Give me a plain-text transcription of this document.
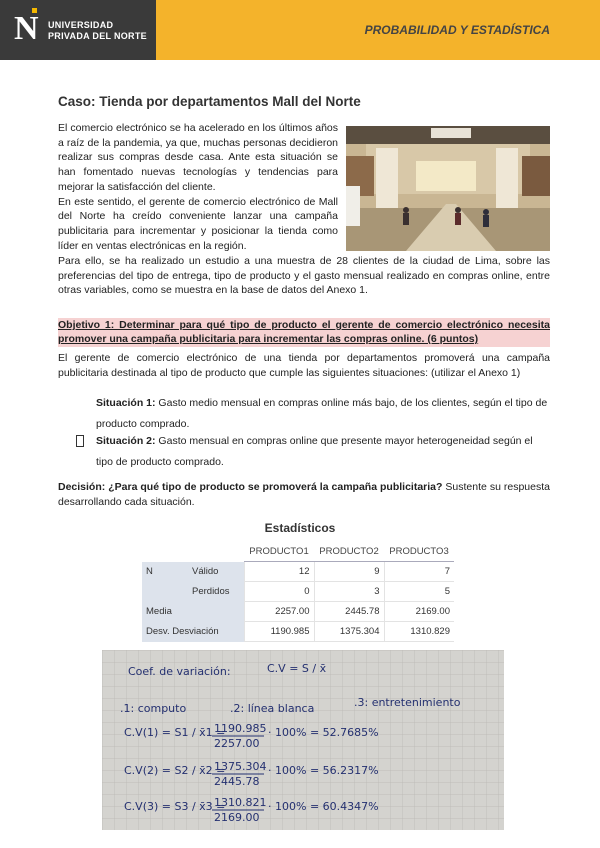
N UNIVERSIDAD
PRIVADA DEL NORTE	PROBABILIDAD Y ESTADÍSTICA
Caso: Tienda por departamentos Mall del Norte

El comercio electrónico se ha acelerado en los últimos años a raíz de la pandemia, ya que, muchas personas decidieron realizar sus compras desde casa. Ante esta situación se han fomentado nuevas tecnologías y tendencias para mejorar la satisfacción del cliente.

En este sentido, el gerente de comercio electrónico de Mall del Norte ha creído conveniente lanzar una campaña publicitaria para incrementar y posicionar la tienda como líder en ventas electrónicas en la región.

Para ello, se ha realizado un estudio a una muestra de 28 clientes de la ciudad de Lima, sobre las preferencias del tipo de entrega, tipo de producto y el gasto mensual realizado en compras online, entre otras variables, como se muestra en la base de datos del Anexo 1.

Objetivo 1: Determinar para qué tipo de producto el gerente de comercio electrónico necesita promover una campaña publicitaria para incrementar las compras online. (6 puntos)

El gerente de comercio electrónico de una tienda por departamentos promoverá una campaña publicitaria destinada al tipo de producto que cumple las siguientes situaciones: (utilizar el Anexo 1)

Situación 1: Gasto medio mensual en compras online más bajo, de los clientes, según el tipo de producto comprado.
Situación 2: Gasto mensual en compras online que presente mayor heterogeneidad según el tipo de producto comprado.

Decisión: ¿Para qué tipo de producto se promoverá la campaña publicitaria? Sustente su respuesta desarrollando cada situación.

Estadísticos
		PRODUCTO1	PRODUCTO2	PRODUCTO3
N	Válido	12	9	7
	Perdidos	0	3	5
Media		2257.00	2445.78	2169.00
Desv. Desviación		1190.985	1375.304	1310.829
Coef. de variación:	C.V = S / x̄
.1: computo	.2: línea blanca	.3: entretenimiento
C.V(1) = S1 / x̄1 =
1190.985
2257.00
· 100% = 52.7685%
C.V(2) = S2 / x̄2 =
1375.304
2445.78
· 100% = 56.2317%
C.V(3) = S3 / x̄3 =
1310.821
2169.00
· 100% = 60.4347%
